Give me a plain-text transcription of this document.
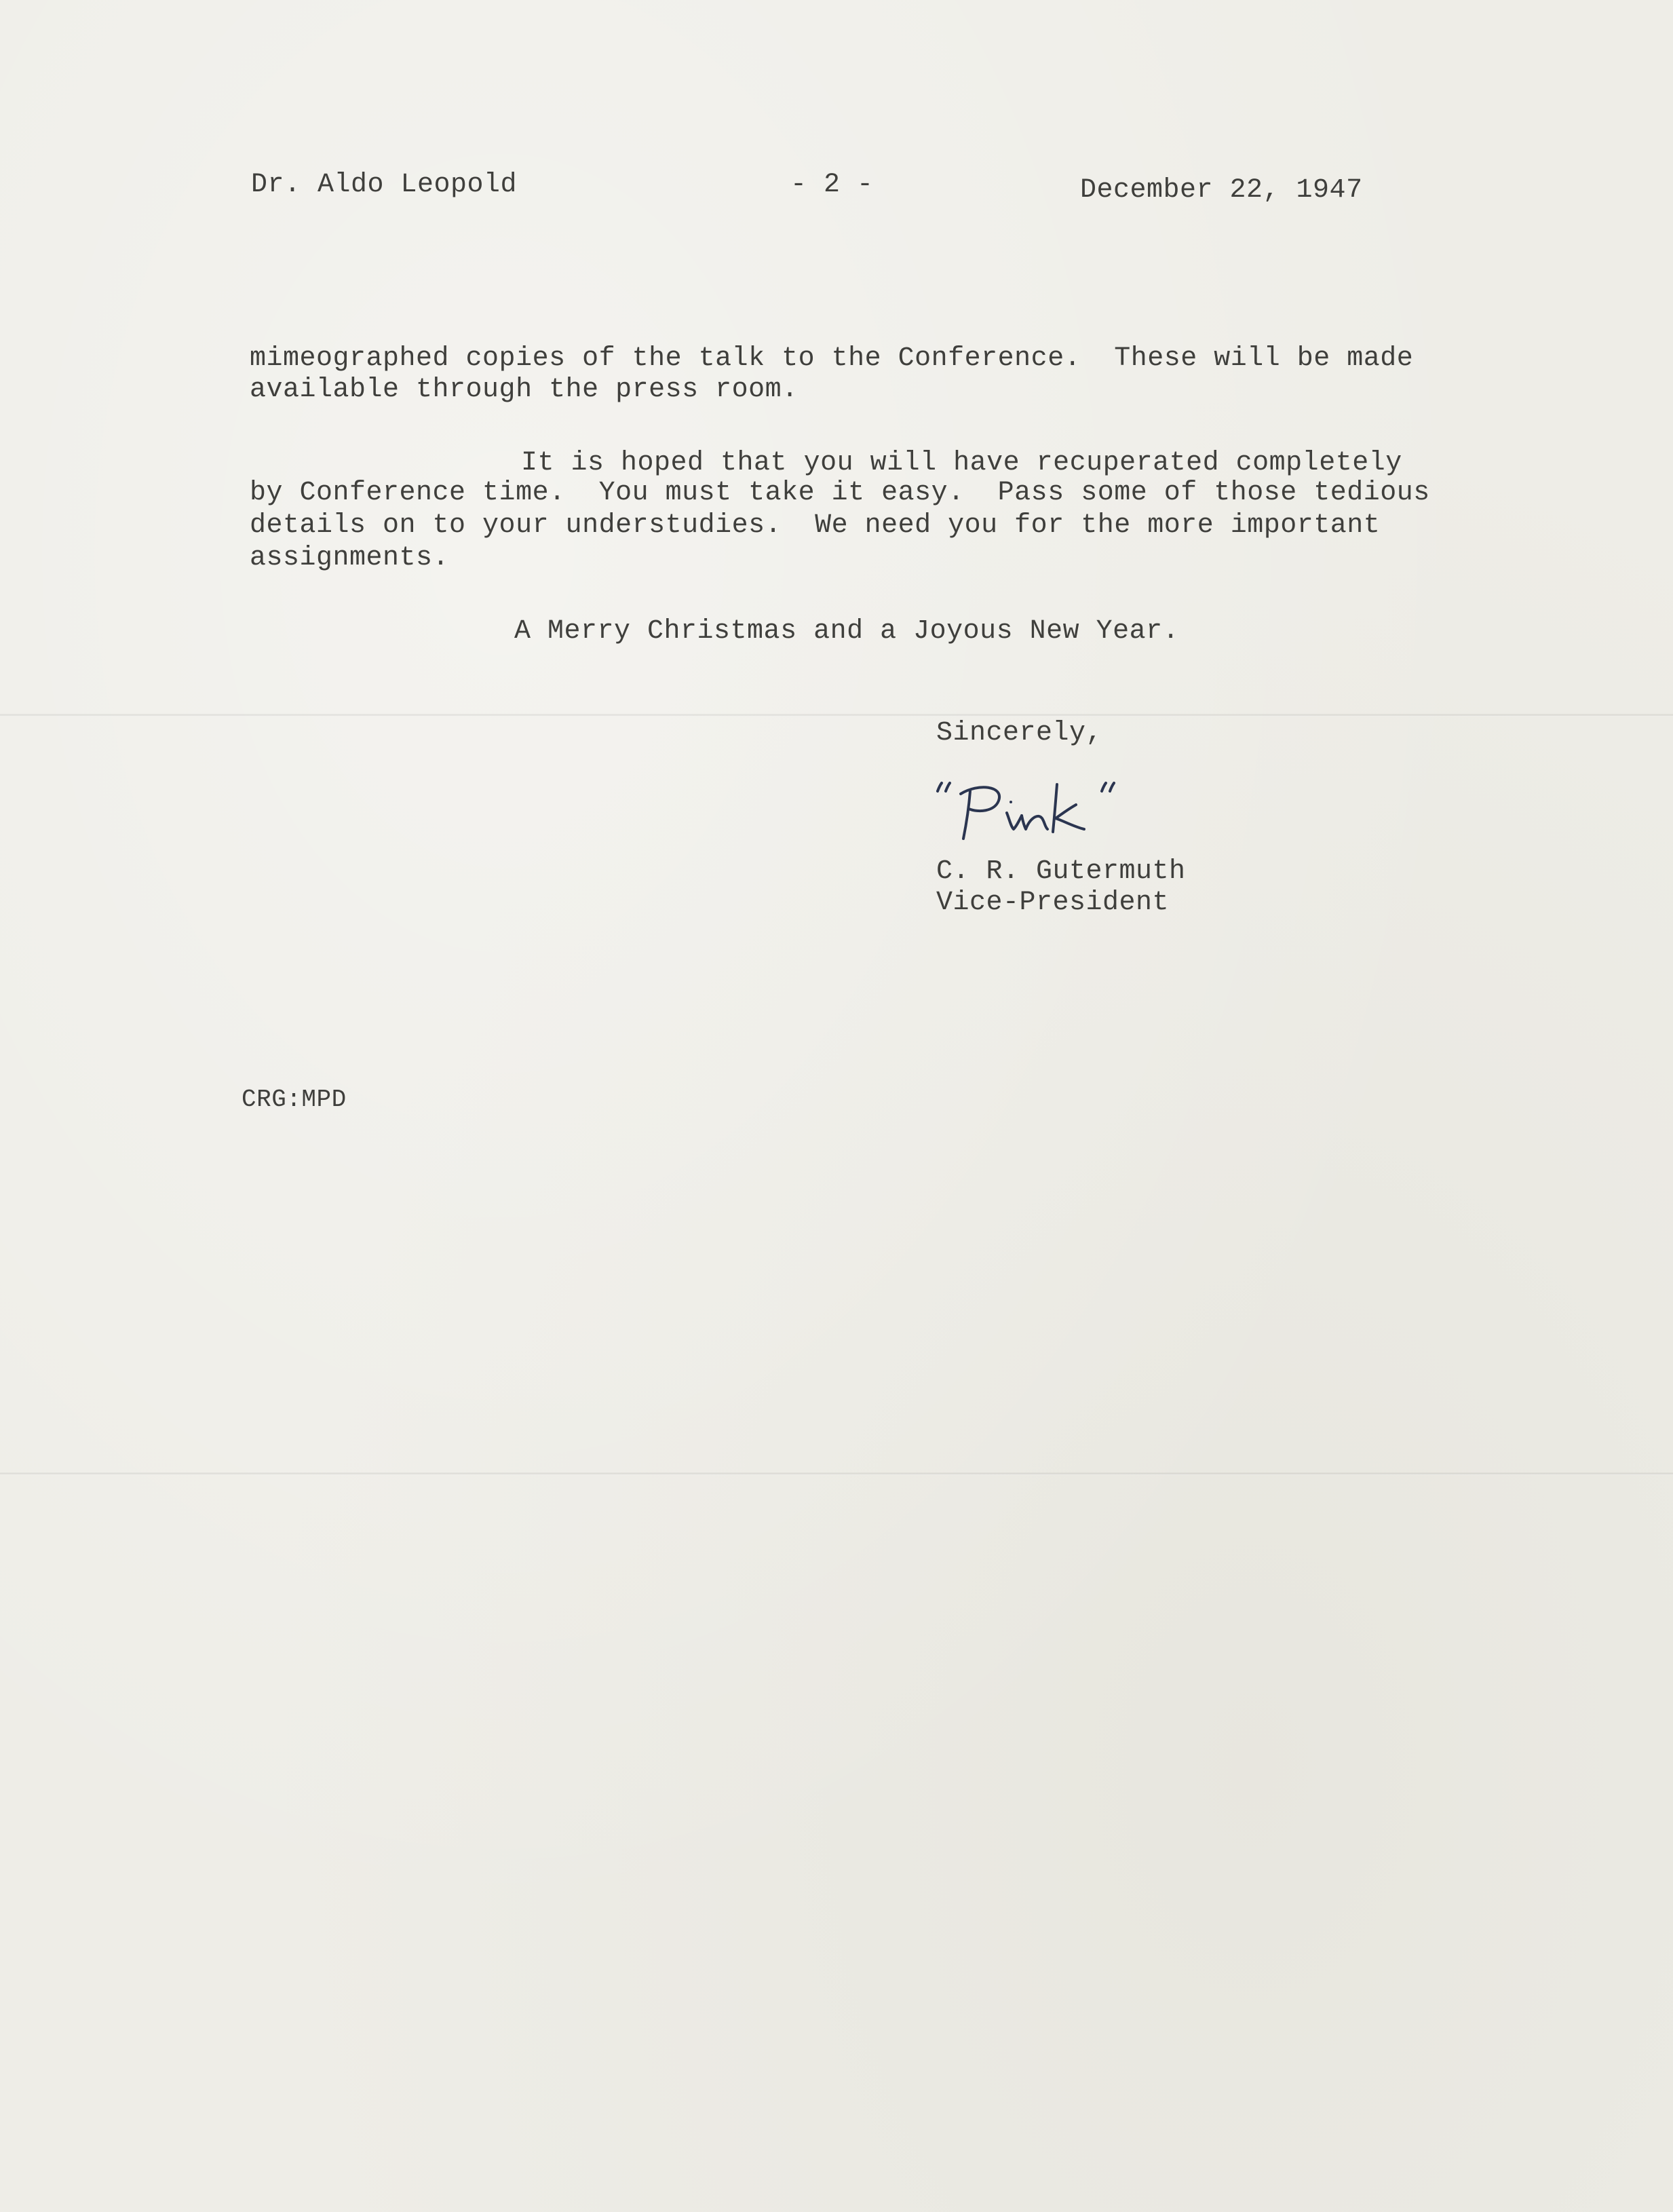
Dr. Aldo Leopold	- 2 -	December 22, 1947
mimeographed copies of the talk to the Conference.  These will be made
available through the press room.
It is hoped that you will have recuperated completely
by Conference time.  You must take it easy.  Pass some of those tedious
details on to your understudies.  We need you for the more important
assignments.
A Merry Christmas and a Joyous New Year.
Sincerely,
C. R. Gutermuth
Vice-President
CRG:MPD
